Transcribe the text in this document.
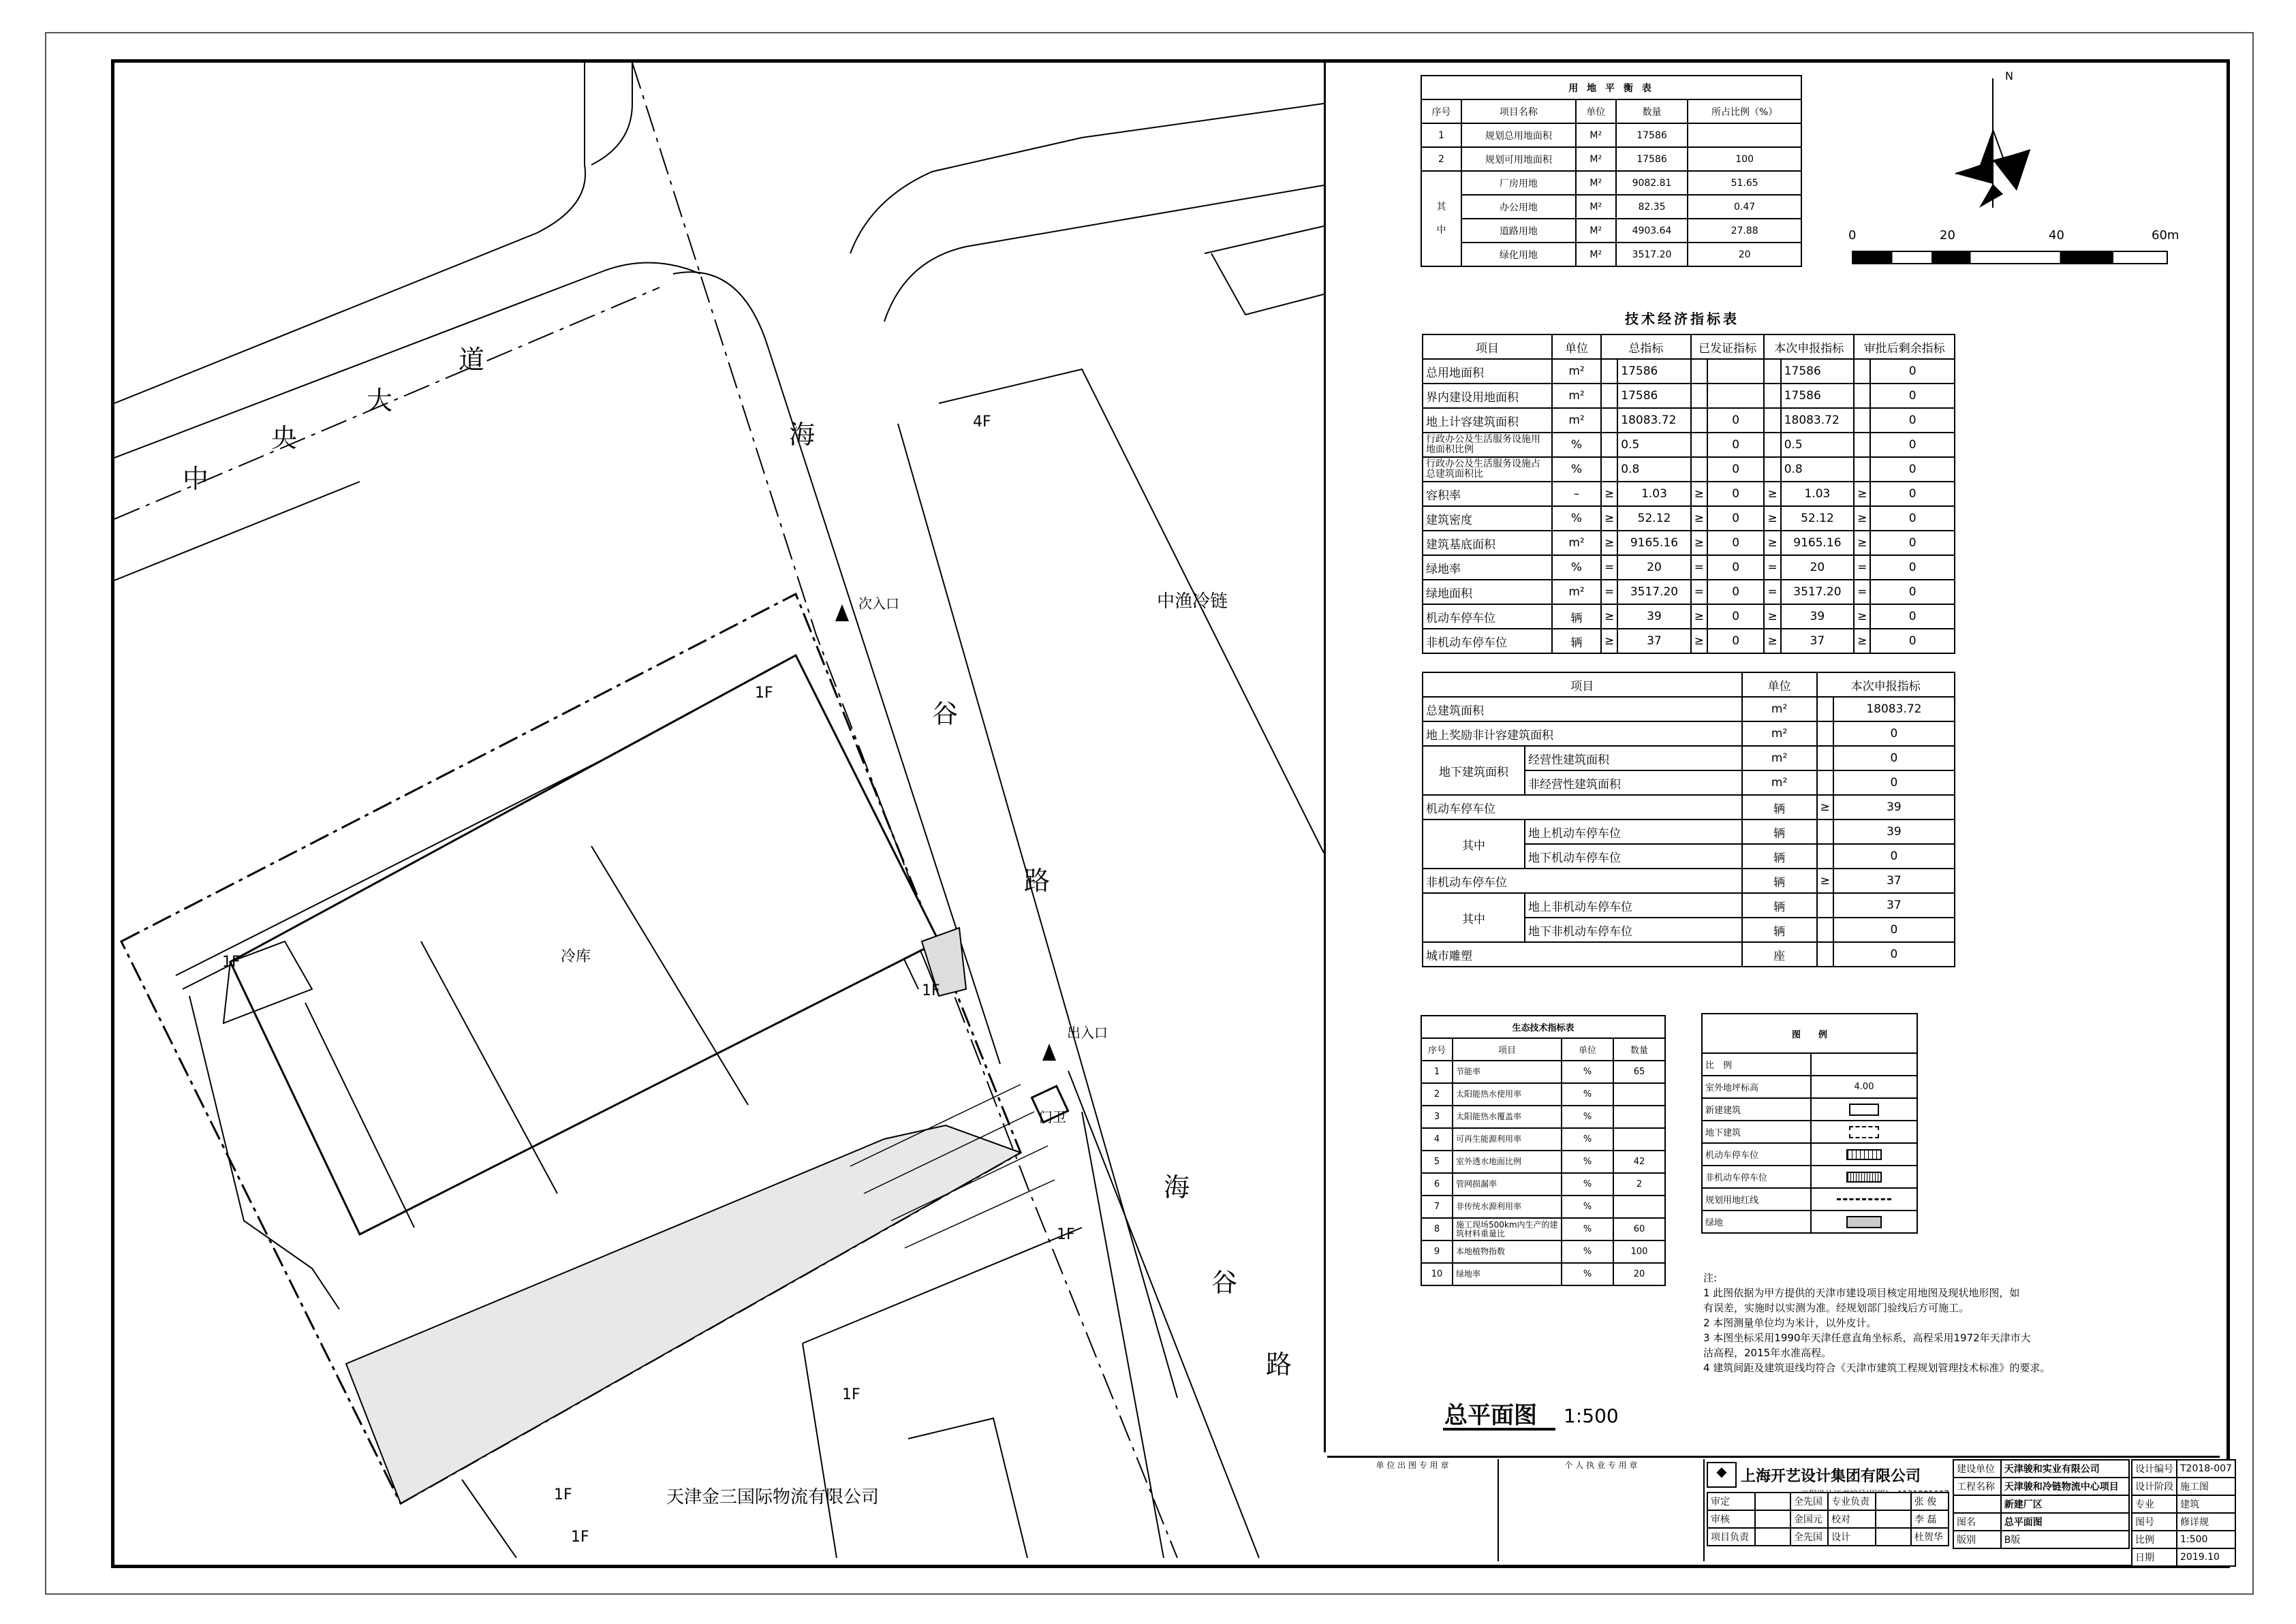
中
央
大
道
海
谷
路
海
谷
路
中渔冷链
天津金三国际物流有限公司
冷库
门卫
次入口
出入口
4F
1F
1F
1F
1F
1F
1F
1F
用 地 平 衡 表				
序号	项目名称	单位	数量	所占比例（%）
1	规划总用地面积	M²	17586	
2	规划可用地面积	M²	17586	100
其
中	厂房用地	M²	9082.81	51.65
	办公用地	M²	82.35	0.47
	道路用地	M²	4903.64	27.88
	绿化用地	M²	3517.20	20
N
0	20	40	60m
技术经济指标表
项目	单位	总指标		已发证指标		本次申报指标		审批后剩余指标	
总用地面积	m²		17586				17586		0
界内建设用地面积	m²		17586				17586		0
地上计容建筑面积	m²		18083.72		0		18083.72		0
行政办公及生活服务设施用地面积比例	%		0.5		0		0.5		0
行政办公及生活服务设施占总建筑面积比	%		0.8		0		0.8		0
容积率	–	≥	1.03	≥	0	≥	1.03	≥	0
建筑密度	%	≥	52.12	≥	0	≥	52.12	≥	0
建筑基底面积	m²	≥	9165.16	≥	0	≥	9165.16	≥	0
绿地率	%	=	20	=	0	=	20	=	0
绿地面积	m²	=	3517.20	=	0	=	3517.20	=	0
机动车停车位	辆	≥	39	≥	0	≥	39	≥	0
非机动车停车位	辆	≥	37	≥	0	≥	37	≥	0
项目		单位	本次申报指标	
总建筑面积		m²		18083.72
地上奖励非计容建筑面积		m²		0
地下建筑面积	经营性建筑面积	m²		0
	非经营性建筑面积	m²		0
机动车停车位		辆	≥	39
其中	地上机动车停车位	辆		39
	地下机动车停车位	辆		0
非机动车停车位		辆	≥	37
其中	地上非机动车停车位	辆		37
	地下非机动车停车位	辆		0
城市雕塑		座		0
生态技术指标表			
序号	项目	单位	数量
1	节能率	%	65
2	太阳能热水使用率	%	
3	太阳能热水覆盖率	%	
4	可再生能源利用率	%	
5	室外透水地面比例	%	42
6	管网损漏率	%	2
7	非传统水源利用率	%	
8	施工现场500km内生产的建筑材料重量比	%	60
9	本地植物指数	%	100
10	绿地率	%	20
图　　例	
比　例	

室外地坪标高	4.00
新建建筑	

地下建筑	

机动车停车位	

非机动车停车位	

规划用地红线	

绿地	
注:
1 此图依据为甲方提供的天津市建设项目核定用地图及现状地形图，如
有误差，实施时以实测为准。经规划部门验线后方可施工。
2 本图测量单位均为米计，以外皮计。
3 本图坐标采用1990年天津任意直角坐标系，高程采用1972年天津市大
沽高程，2015年水准高程。
4 建筑间距及建筑退线均符合《天津市建筑工程规划管理技术标准》的要求。
总平面图 1:500
单 位 出 图 专 用 章	个 人 执 业 专 用 章	◆ 上海开艺设计集团有限公司
审定		全先国	专业负责		张 俊
审核		金国元	校对		李 磊
项目负责		全先国	设计		杜贺华
建设单位	天津骏和实业有限公司
工程名称	天津骏和冷链物流中心项目
	新建厂区
图名	总平面图
版别	B版
设计编号	T2018-007
设计阶段	施工图
专业	建筑
图号	修详规
比例	1:500
日期	2019.10
